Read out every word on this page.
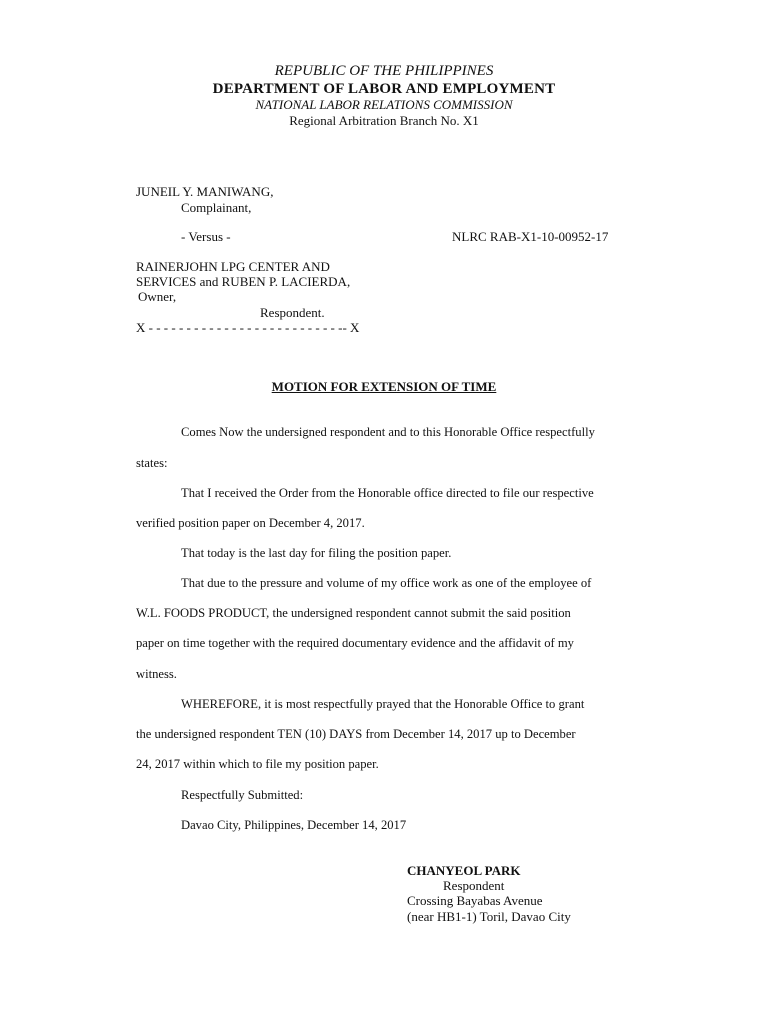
REPUBLIC OF THE PHILIPPINES
DEPARTMENT OF LABOR AND EMPLOYMENT
NATIONAL LABOR RELATIONS COMMISSION
Regional Arbitration Branch No. X1
JUNEIL Y. MANIWANG,
Complainant,
- Versus -	NLRC RAB-X1-10-00952-17
RAINERJOHN LPG CENTER AND
SERVICES and RUBEN P. LACIERDA,
Owner,
Respondent.
X - - - - - - - - - - - - - - - - - - - - - - - - - -- X
MOTION FOR EXTENSION OF TIME
Comes Now the undersigned respondent and to this Honorable Office respectfully
states:
That I received the Order from the Honorable office directed to file our respective
verified position paper on December 4, 2017.
That today is the last day for filing the position paper.
That due to the pressure and volume of my office work as one of the employee of
W.L. FOODS PRODUCT, the undersigned respondent cannot submit the said position
paper on time together with the required documentary evidence and the affidavit of my
witness.
WHEREFORE, it is most respectfully prayed that the Honorable Office to grant
the undersigned respondent TEN (10) DAYS from December 14, 2017 up to December
24, 2017 within which to file my position paper.
Respectfully Submitted:
Davao City, Philippines, December 14, 2017
CHANYEOL PARK
Respondent
Crossing Bayabas Avenue
(near HB1-1) Toril, Davao City
